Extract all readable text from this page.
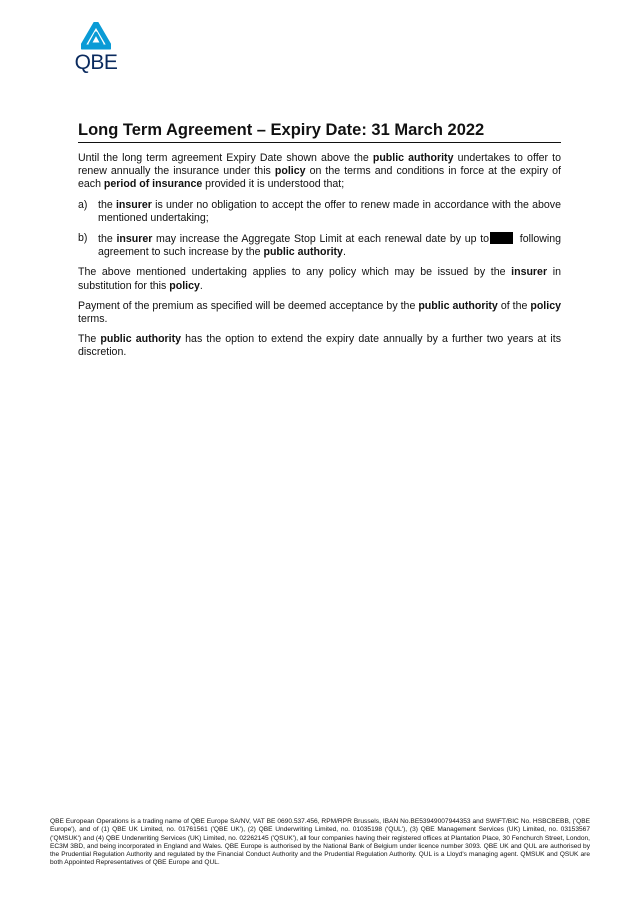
QBE
Long Term Agreement – Expiry Date: 31 March 2022

Until the long term agreement Expiry Date shown above the public authority undertakes to offer to renew annually the insurance under this policy on the terms and conditions in force at the expiry of each period of insurance provided it is understood that;

a) the insurer is under no obligation to accept the offer to renew made in accordance with the above mentioned undertaking;
b) the insurer may increase the Aggregate Stop Limit at each renewal date by up to	following agreement to such increase by the public authority.

The above mentioned undertaking applies to any policy which may be issued by the insurer in substitution for this policy.

Payment of the premium as specified will be deemed acceptance by the public authority of the policy terms.

The public authority has the option to extend the expiry date annually by a further two years at its discretion.

QBE European Operations is a trading name of QBE Europe SA/NV, VAT BE 0690.537.456, RPM/RPR Brussels, IBAN No.BE53949007944353 and SWIFT/BIC No. HSBCBEBB, ('QBE Europe'), and of (1) QBE UK Limited, no. 01761561 ('QBE UK'), (2) QBE Underwriting Limited, no. 01035198 ('QUL'), (3) QBE Management Services (UK) Limited, no. 03153567 ('QMSUK') and (4) QBE Underwriting Services (UK) Limited, no. 02262145 ('QSUK'), all four companies having their registered offices at Plantation Place, 30 Fenchurch Street, London, EC3M 3BD, and being incorporated in England and Wales. QBE Europe is authorised by the National Bank of Belgium under licence number 3093. QBE UK and QUL are authorised by the Prudential Regulation Authority and regulated by the Financial Conduct Authority and the Prudential Regulation Authority. QUL is a Lloyd's managing agent. QMSUK and QSUK are both Appointed Representatives of QBE Europe and QUL.
